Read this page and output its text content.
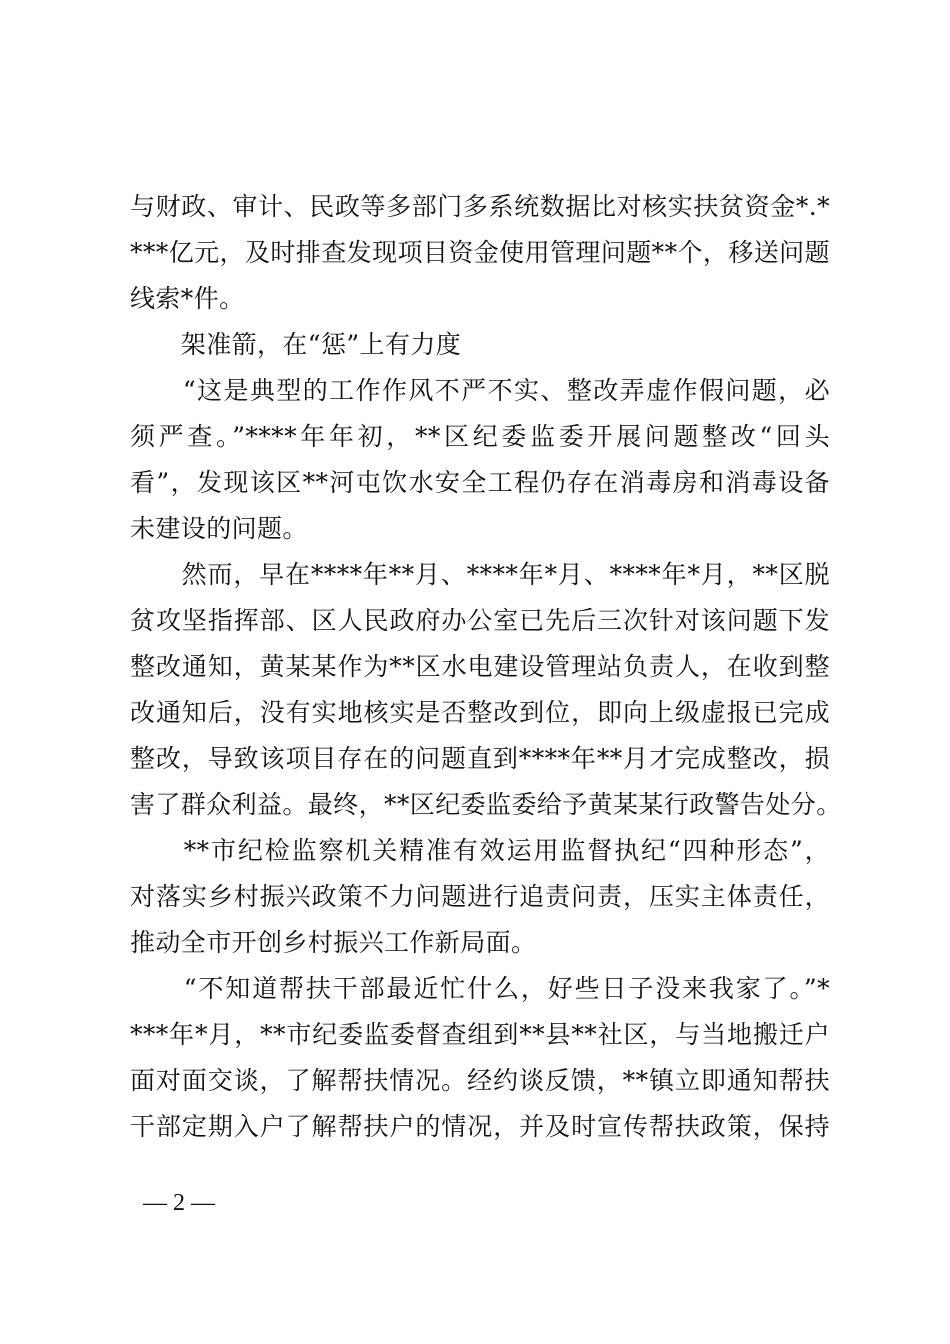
与财政、审计、民政等多部门多系统数据比对核实扶贫资金*.*
***亿元，及时排查发现项目资金使用管理问题**个，移送问题
线索*件。
　　架准箭，在“惩”上有力度
　　“这是典型的工作作风不严不实、整改弄虚作假问题，必
须严查。”****年年初，**区纪委监委开展问题整改“回头
看”，发现该区**河屯饮水安全工程仍存在消毒房和消毒设备
未建设的问题。
　　然而，早在****年**月、****年*月、****年*月，**区脱
贫攻坚指挥部、区人民政府办公室已先后三次针对该问题下发
整改通知，黄某某作为**区水电建设管理站负责人，在收到整
改通知后，没有实地核实是否整改到位，即向上级虚报已完成
整改，导致该项目存在的问题直到****年**月才完成整改，损
害了群众利益。最终，**区纪委监委给予黄某某行政警告处分。
　　**市纪检监察机关精准有效运用监督执纪“四种形态”，
对落实乡村振兴政策不力问题进行追责问责，压实主体责任，
推动全市开创乡村振兴工作新局面。
　　“不知道帮扶干部最近忙什么，好些日子没来我家了。”*
***年*月，**市纪委监委督查组到**县**社区，与当地搬迁户
面对面交谈，了解帮扶情况。经约谈反馈，**镇立即通知帮扶
干部定期入户了解帮扶户的情况，并及时宣传帮扶政策，保持
— 2 —
